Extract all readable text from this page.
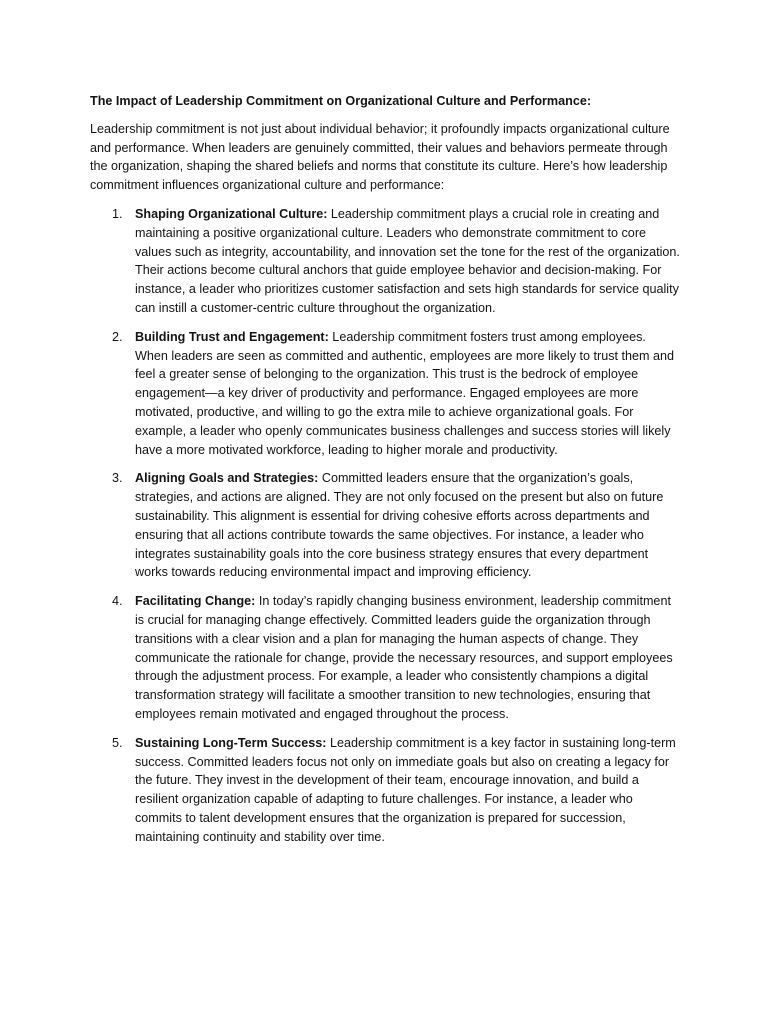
The Impact of Leadership Commitment on Organizational Culture and Performance:

Leadership commitment is not just about individual behavior; it profoundly impacts organizational culture and performance. When leaders are genuinely committed, their values and behaviors permeate through the organization, shaping the shared beliefs and norms that constitute its culture. Here’s how leadership commitment influences organizational culture and performance:

1. Shaping Organizational Culture: Leadership commitment plays a crucial role in creating and maintaining a positive organizational culture. Leaders who demonstrate commitment to core values such as integrity, accountability, and innovation set the tone for the rest of the organization. Their actions become cultural anchors that guide employee behavior and decision-making. For instance, a leader who prioritizes customer satisfaction and sets high standards for service quality can instill a customer-centric culture throughout the organization.
2. Building Trust and Engagement: Leadership commitment fosters trust among employees. When leaders are seen as committed and authentic, employees are more likely to trust them and feel a greater sense of belonging to the organization. This trust is the bedrock of employee engagement—a key driver of productivity and performance. Engaged employees are more motivated, productive, and willing to go the extra mile to achieve organizational goals. For example, a leader who openly communicates business challenges and success stories will likely have a more motivated workforce, leading to higher morale and productivity.
3. Aligning Goals and Strategies: Committed leaders ensure that the organization’s goals, strategies, and actions are aligned. They are not only focused on the present but also on future sustainability. This alignment is essential for driving cohesive efforts across departments and ensuring that all actions contribute towards the same objectives. For instance, a leader who integrates sustainability goals into the core business strategy ensures that every department works towards reducing environmental impact and improving efficiency.
4. Facilitating Change: In today’s rapidly changing business environment, leadership commitment is crucial for managing change effectively. Committed leaders guide the organization through transitions with a clear vision and a plan for managing the human aspects of change. They communicate the rationale for change, provide the necessary resources, and support employees through the adjustment process. For example, a leader who consistently champions a digital transformation strategy will facilitate a smoother transition to new technologies, ensuring that employees remain motivated and engaged throughout the process.
5. Sustaining Long-Term Success: Leadership commitment is a key factor in sustaining long-term success. Committed leaders focus not only on immediate goals but also on creating a legacy for the future. They invest in the development of their team, encourage innovation, and build a resilient organization capable of adapting to future challenges. For instance, a leader who commits to talent development ensures that the organization is prepared for succession, maintaining continuity and stability over time.
